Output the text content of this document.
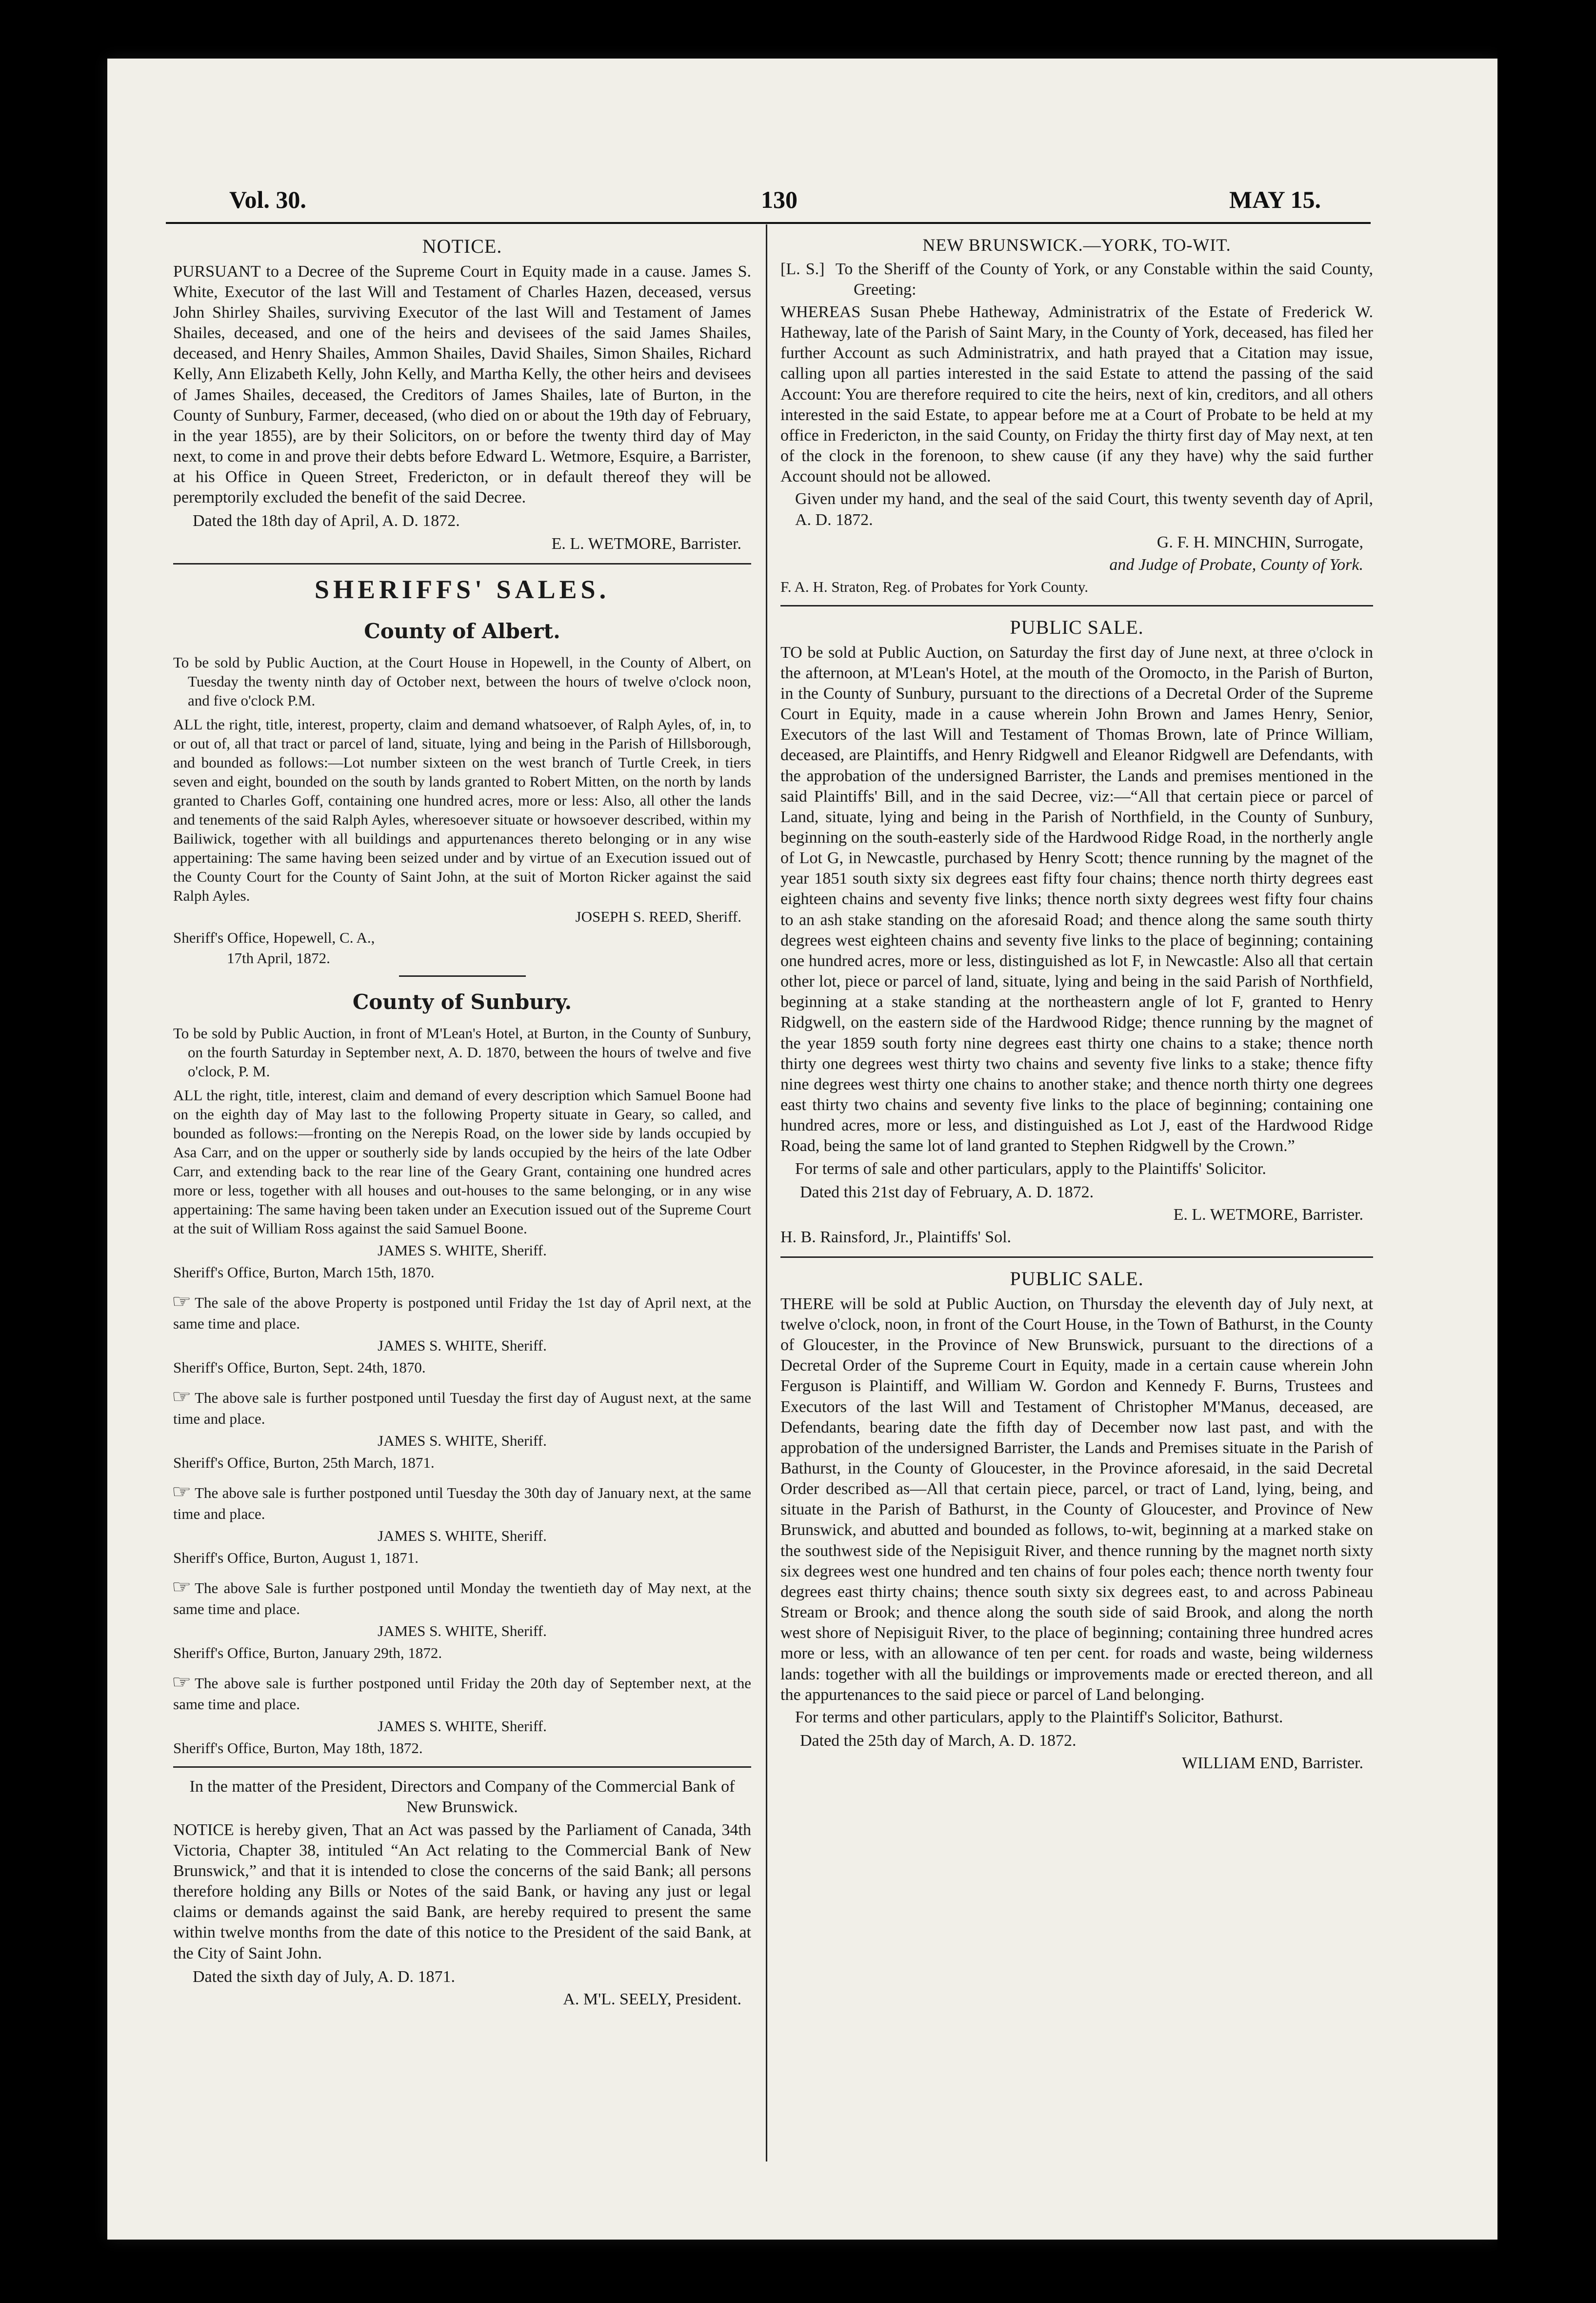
Vol. 30.	130	MAY 15.
NOTICE.

PURSUANT to a Decree of the Supreme Court in Equity made in a cause. James S. White, Executor of the last Will and Testament of Charles Hazen, deceased, versus John Shirley Shailes, surviving Executor of the last Will and Testament of James Shailes, deceased, and one of the heirs and devisees of the said James Shailes, deceased, and Henry Shailes, Ammon Shailes, David Shailes, Simon Shailes, Richard Kelly, Ann Elizabeth Kelly, John Kelly, and Martha Kelly, the other heirs and devisees of James Shailes, deceased, the Creditors of James Shailes, late of Burton, in the County of Sunbury, Farmer, deceased, (who died on or about the 19th day of February, in the year 1855), are by their Solicitors, on or before the twenty third day of May next, to come in and prove their debts before Edward L. Wetmore, Esquire, a Barrister, at his Office in Queen Street, Fredericton, or in default thereof they will be peremptorily excluded the benefit of the said Decree.

Dated the 18th day of April, A. D. 1872.

E. L. WETMORE, Barrister.

SHERIFFS' SALES.
County of Albert.

To be sold by Public Auction, at the Court House in Hopewell, in the County of Albert, on Tuesday the twenty ninth day of October next, between the hours of twelve o'clock noon, and five o'clock P.M.

ALL the right, title, interest, property, claim and demand whatsoever, of Ralph Ayles, of, in, to or out of, all that tract or parcel of land, situate, lying and being in the Parish of Hillsborough, and bounded as follows:—Lot number sixteen on the west branch of Turtle Creek, in tiers seven and eight, bounded on the south by lands granted to Robert Mitten, on the north by lands granted to Charles Goff, containing one hundred acres, more or less: Also, all other the lands and tenements of the said Ralph Ayles, wheresoever situate or howsoever described, within my Bailiwick, together with all buildings and appurtenances thereto belonging or in any wise appertaining: The same having been seized under and by virtue of an Execution issued out of the County Court for the County of Saint John, at the suit of Morton Ricker against the said Ralph Ayles.

JOSEPH S. REED, Sheriff.

Sheriff's Office, Hopewell, C. A.,

17th April, 1872.

County of Sunbury.

To be sold by Public Auction, in front of M'Lean's Hotel, at Burton, in the County of Sunbury, on the fourth Saturday in September next, A. D. 1870, between the hours of twelve and five o'clock, P. M.

ALL the right, title, interest, claim and demand of every description which Samuel Boone had on the eighth day of May last to the following Property situate in Geary, so called, and bounded as follows:—fronting on the Nerepis Road, on the lower side by lands occupied by Asa Carr, and on the upper or southerly side by lands occupied by the heirs of the late Odber Carr, and extending back to the rear line of the Geary Grant, containing one hundred acres more or less, together with all houses and out-houses to the same belonging, or in any wise appertaining: The same having been taken under an Execution issued out of the Supreme Court at the suit of William Ross against the said Samuel Boone.

JAMES S. WHITE, Sheriff.

Sheriff's Office, Burton, March 15th, 1870.

☞ The sale of the above Property is postponed until Friday the 1st day of April next, at the same time and place.

JAMES S. WHITE, Sheriff.

Sheriff's Office, Burton, Sept. 24th, 1870.

☞ The above sale is further postponed until Tuesday the first day of August next, at the same time and place.

JAMES S. WHITE, Sheriff.

Sheriff's Office, Burton, 25th March, 1871.

☞ The above sale is further postponed until Tuesday the 30th day of January next, at the same time and place.

JAMES S. WHITE, Sheriff.

Sheriff's Office, Burton, August 1, 1871.

☞ The above Sale is further postponed until Monday the twentieth day of May next, at the same time and place.

JAMES S. WHITE, Sheriff.

Sheriff's Office, Burton, January 29th, 1872.

☞ The above sale is further postponed until Friday the 20th day of September next, at the same time and place.

JAMES S. WHITE, Sheriff.

Sheriff's Office, Burton, May 18th, 1872.

In the matter of the President, Directors and Company of the Commercial Bank of New Brunswick.

NOTICE is hereby given, That an Act was passed by the Parliament of Canada, 34th Victoria, Chapter 38, intituled “An Act relating to the Commercial Bank of New Brunswick,” and that it is intended to close the concerns of the said Bank; all persons therefore holding any Bills or Notes of the said Bank, or having any just or legal claims or demands against the said Bank, are hereby required to present the same within twelve months from the date of this notice to the President of the said Bank, at the City of Saint John.

Dated the sixth day of July, A. D. 1871.

A. M'L. SEELY, President.

NEW BRUNSWICK.—YORK, TO-WIT.

[L. S.] To the Sheriff of the County of York, or any Constable within the said County, Greeting:

WHEREAS Susan Phebe Hatheway, Administratrix of the Estate of Frederick W. Hatheway, late of the Parish of Saint Mary, in the County of York, deceased, has filed her further Account as such Administratrix, and hath prayed that a Citation may issue, calling upon all parties interested in the said Estate to attend the passing of the said Account: You are therefore required to cite the heirs, next of kin, creditors, and all others interested in the said Estate, to appear before me at a Court of Probate to be held at my office in Fredericton, in the said County, on Friday the thirty first day of May next, at ten of the clock in the forenoon, to shew cause (if any they have) why the said further Account should not be allowed.

Given under my hand, and the seal of the said Court, this twenty seventh day of April, A. D. 1872.

G. F. H. MINCHIN, Surrogate,

and Judge of Probate, County of York.

F. A. H. Straton, Reg. of Probates for York County.

PUBLIC SALE.

TO be sold at Public Auction, on Saturday the first day of June next, at three o'clock in the afternoon, at M'Lean's Hotel, at the mouth of the Oromocto, in the Parish of Burton, in the County of Sunbury, pursuant to the directions of a Decretal Order of the Supreme Court in Equity, made in a cause wherein John Brown and James Henry, Senior, Executors of the last Will and Testament of Thomas Brown, late of Prince William, deceased, are Plaintiffs, and Henry Ridgwell and Eleanor Ridgwell are Defendants, with the approbation of the undersigned Barrister, the Lands and premises mentioned in the said Plaintiffs' Bill, and in the said Decree, viz:—“All that certain piece or parcel of Land, situate, lying and being in the Parish of Northfield, in the County of Sunbury, beginning on the south-easterly side of the Hardwood Ridge Road, in the northerly angle of Lot G, in Newcastle, purchased by Henry Scott; thence running by the magnet of the year 1851 south sixty six degrees east fifty four chains; thence north thirty degrees east eighteen chains and seventy five links; thence north sixty degrees west fifty four chains to an ash stake standing on the aforesaid Road; and thence along the same south thirty degrees west eighteen chains and seventy five links to the place of beginning; containing one hundred acres, more or less, distinguished as lot F, in Newcastle: Also all that certain other lot, piece or parcel of land, situate, lying and being in the said Parish of Northfield, beginning at a stake standing at the northeastern angle of lot F, granted to Henry Ridgwell, on the eastern side of the Hardwood Ridge; thence running by the magnet of the year 1859 south forty nine degrees east thirty one chains to a stake; thence north thirty one degrees west thirty two chains and seventy five links to a stake; thence fifty nine degrees west thirty one chains to another stake; and thence north thirty one degrees east thirty two chains and seventy five links to the place of beginning; containing one hundred acres, more or less, and distinguished as Lot J, east of the Hardwood Ridge Road, being the same lot of land granted to Stephen Ridgwell by the Crown.”

For terms of sale and other particulars, apply to the Plaintiffs' Solicitor.

Dated this 21st day of February, A. D. 1872.

E. L. WETMORE, Barrister.

H. B. Rainsford, Jr., Plaintiffs' Sol.

PUBLIC SALE.

THERE will be sold at Public Auction, on Thursday the eleventh day of July next, at twelve o'clock, noon, in front of the Court House, in the Town of Bathurst, in the County of Gloucester, in the Province of New Brunswick, pursuant to the directions of a Decretal Order of the Supreme Court in Equity, made in a certain cause wherein John Ferguson is Plaintiff, and William W. Gordon and Kennedy F. Burns, Trustees and Executors of the last Will and Testament of Christopher M'Manus, deceased, are Defendants, bearing date the fifth day of December now last past, and with the approbation of the undersigned Barrister, the Lands and Premises situate in the Parish of Bathurst, in the County of Gloucester, in the Province aforesaid, in the said Decretal Order described as—All that certain piece, parcel, or tract of Land, lying, being, and situate in the Parish of Bathurst, in the County of Gloucester, and Province of New Brunswick, and abutted and bounded as follows, to-wit, beginning at a marked stake on the southwest side of the Nepisiguit River, and thence running by the magnet north sixty six degrees west one hundred and ten chains of four poles each; thence north twenty four degrees east thirty chains; thence south sixty six degrees east, to and across Pabineau Stream or Brook; and thence along the south side of said Brook, and along the north west shore of Nepisiguit River, to the place of beginning; containing three hundred acres more or less, with an allowance of ten per cent. for roads and waste, being wilderness lands: together with all the buildings or improvements made or erected thereon, and all the appurtenances to the said piece or parcel of Land belonging.

For terms and other particulars, apply to the Plaintiff's Solicitor, Bathurst.

Dated the 25th day of March, A. D. 1872.

WILLIAM END, Barrister.
